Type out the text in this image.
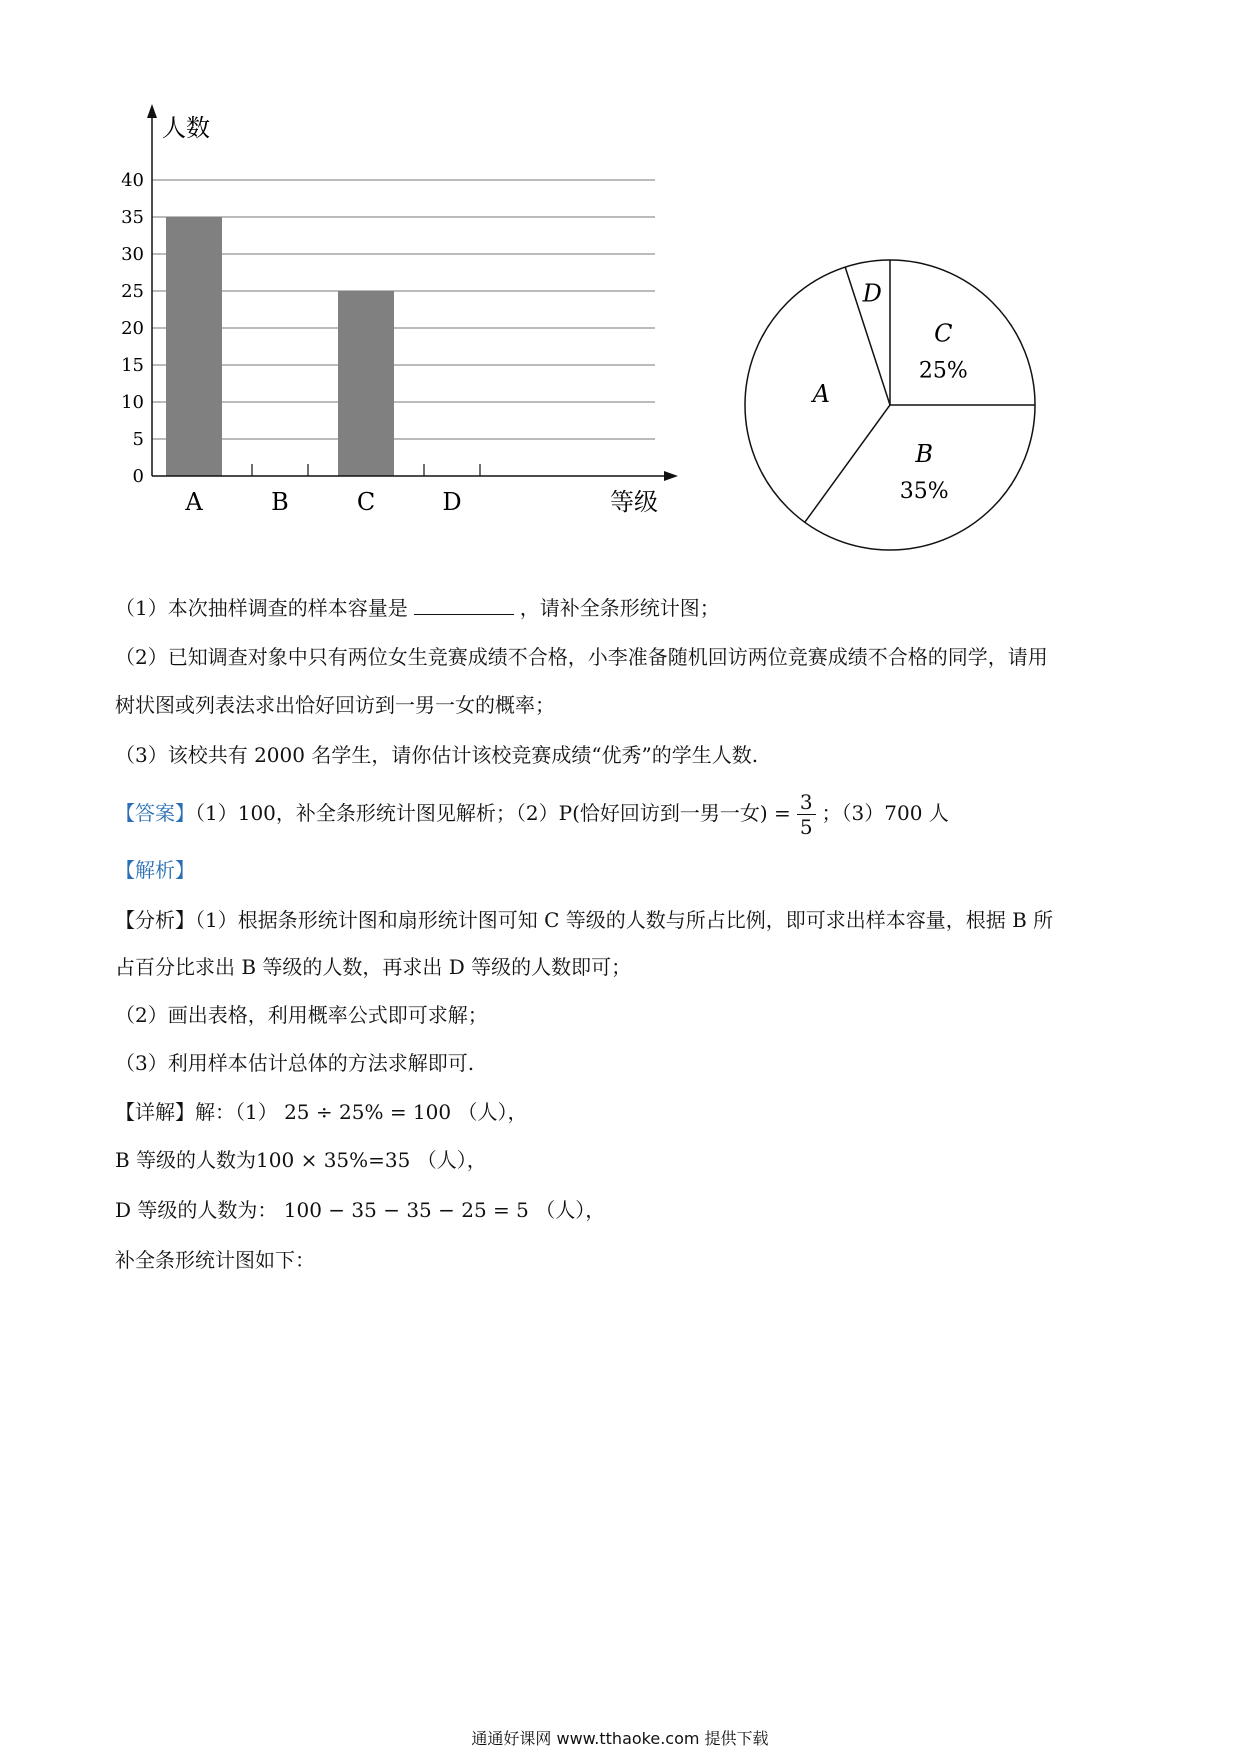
0
5
10
15
20
25
30
35
40
A	B	C	D
人数
等级
C
25%
B
35%
A
D
（1）本次抽样调查的样本容量是	，请补全条形统计图；
（2）已知调查对象中只有两位女生竞赛成绩不合格，小李准备随机回访两位竞赛成绩不合格的同学，请用
树状图或列表法求出恰好回访到一男一女的概率；
（3）该校共有 2000 名学生，请你估计该校竞赛成绩“优秀”的学生人数.
【答案】（1）100，补全条形统计图见解析；（2）P(恰好回访到一男一女) = $\frac{3}{5}$ ；（3）700 人
【解析】
【分析】（1）根据条形统计图和扇形统计图可知 C 等级的人数与所占比例，即可求出样本容量，根据 B 所
占百分比求出 B 等级的人数，再求出 D 等级的人数即可；
（2）画出表格，利用概率公式即可求解；
（3）利用样本估计总体的方法求解即可.
【详解】解：（1） 25 ÷ 25% = 100 （人），
B 等级的人数为100 × 35%=35 （人），
D 等级的人数为： 100 − 35 − 35 − 25 = 5 （人），
补全条形统计图如下：
通通好课网 www.tthaoke.com 提供下载
